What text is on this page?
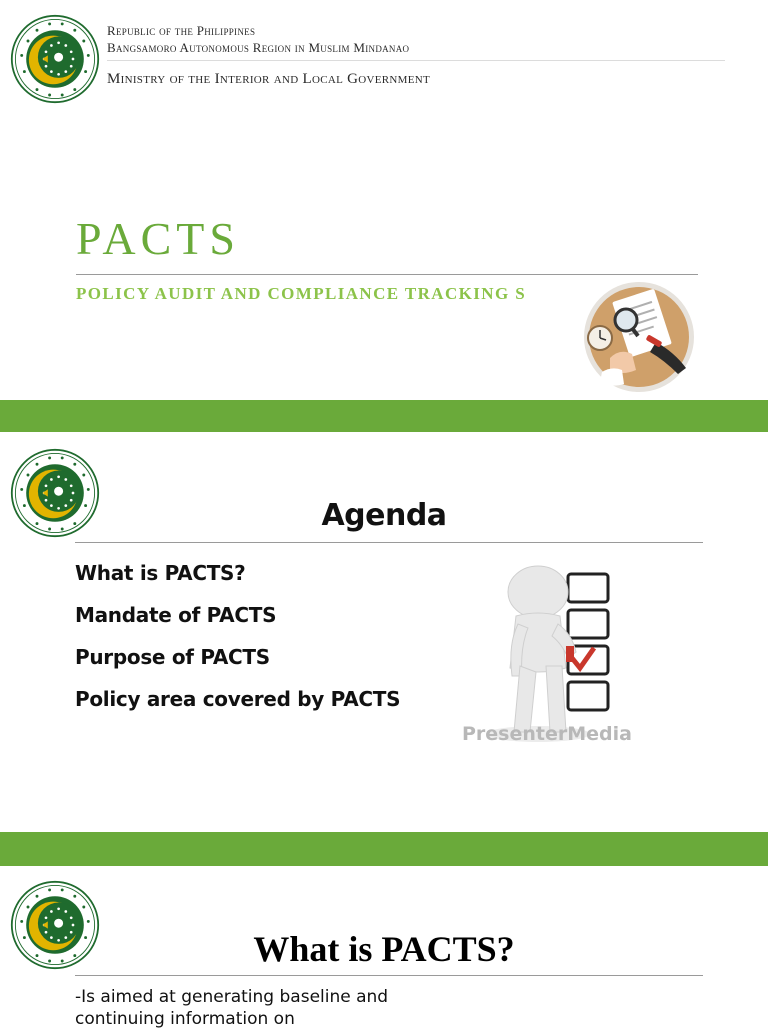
Republic of the Philippines
Bangsamoro Autonomous Region in Muslim Mindanao
Ministry of the Interior and Local Government
PACTS
POLICY AUDIT AND COMPLIANCE TRACKING S
Agenda
What is PACTS?
Mandate of PACTS
Purpose of PACTS
Policy area covered by PACTS
PresenterMedia
What is PACTS?
-Is aimed at generating baseline and continuing information on
